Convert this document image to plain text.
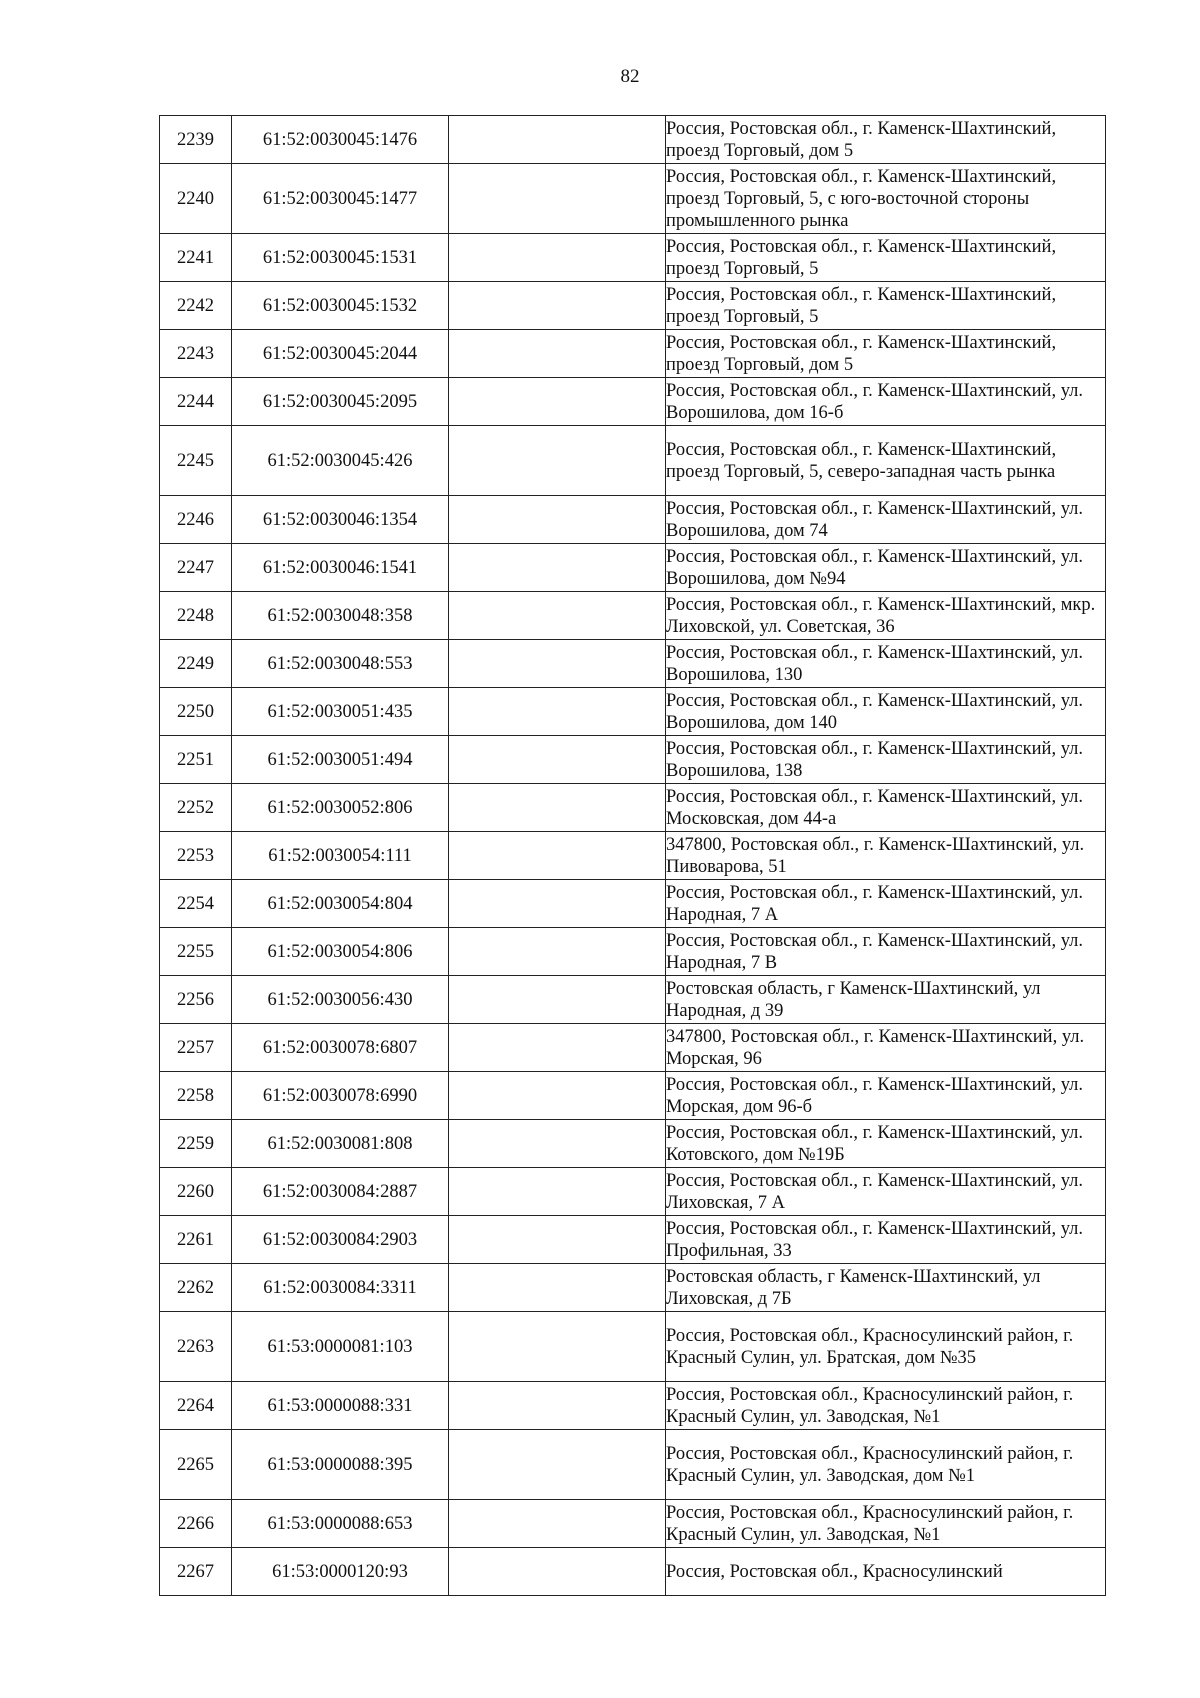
82
2239	61:52:0030045:1476		Россия, Ростовская обл., г. Каменск-Шахтинский, проезд Торговый, дом 5
2240	61:52:0030045:1477		Россия, Ростовская обл., г. Каменск-Шахтинский, проезд Торговый, 5, с юго-восточной стороны промышленного рынка
2241	61:52:0030045:1531		Россия, Ростовская обл., г. Каменск-Шахтинский, проезд Торговый, 5
2242	61:52:0030045:1532		Россия, Ростовская обл., г. Каменск-Шахтинский, проезд Торговый, 5
2243	61:52:0030045:2044		Россия, Ростовская обл., г. Каменск-Шахтинский, проезд Торговый, дом 5
2244	61:52:0030045:2095		Россия, Ростовская обл., г. Каменск-Шахтинский, ул. Ворошилова, дом 16-б
2245	61:52:0030045:426		Россия, Ростовская обл., г. Каменск-Шахтинский, проезд Торговый, 5, северо-западная часть рынка
2246	61:52:0030046:1354		Россия, Ростовская обл., г. Каменск-Шахтинский, ул. Ворошилова, дом 74
2247	61:52:0030046:1541		Россия, Ростовская обл., г. Каменск-Шахтинский, ул. Ворошилова, дом №94
2248	61:52:0030048:358		Россия, Ростовская обл., г. Каменск-Шахтинский, мкр. Лиховской, ул. Советская, 36
2249	61:52:0030048:553		Россия, Ростовская обл., г. Каменск-Шахтинский, ул. Ворошилова, 130
2250	61:52:0030051:435		Россия, Ростовская обл., г. Каменск-Шахтинский, ул. Ворошилова, дом 140
2251	61:52:0030051:494		Россия, Ростовская обл., г. Каменск-Шахтинский, ул. Ворошилова, 138
2252	61:52:0030052:806		Россия, Ростовская обл., г. Каменск-Шахтинский, ул. Московская, дом 44-а
2253	61:52:0030054:111		347800, Ростовская обл., г. Каменск-Шахтинский, ул. Пивоварова, 51
2254	61:52:0030054:804		Россия, Ростовская обл., г. Каменск-Шахтинский, ул. Народная, 7 А
2255	61:52:0030054:806		Россия, Ростовская обл., г. Каменск-Шахтинский, ул. Народная, 7 В
2256	61:52:0030056:430		Ростовская область, г Каменск-Шахтинский, ул Народная, д 39
2257	61:52:0030078:6807		347800, Ростовская обл., г. Каменск-Шахтинский, ул. Морская, 96
2258	61:52:0030078:6990		Россия, Ростовская обл., г. Каменск-Шахтинский, ул. Морская, дом 96-б
2259	61:52:0030081:808		Россия, Ростовская обл., г. Каменск-Шахтинский, ул. Котовского, дом №19Б
2260	61:52:0030084:2887		Россия, Ростовская обл., г. Каменск-Шахтинский, ул. Лиховская, 7 А
2261	61:52:0030084:2903		Россия, Ростовская обл., г. Каменск-Шахтинский, ул. Профильная, 33
2262	61:52:0030084:3311		Ростовская область, г Каменск-Шахтинский, ул Лиховская, д 7Б
2263	61:53:0000081:103		Россия, Ростовская обл., Красносулинский район, г. Красный Сулин, ул. Братская, дом №35
2264	61:53:0000088:331		Россия, Ростовская обл., Красносулинский район, г. Красный Сулин, ул. Заводская, №1
2265	61:53:0000088:395		Россия, Ростовская обл., Красносулинский район, г. Красный Сулин, ул. Заводская, дом №1
2266	61:53:0000088:653		Россия, Ростовская обл., Красносулинский район, г. Красный Сулин, ул. Заводская, №1
2267	61:53:0000120:93		Россия, Ростовская обл., Красносулинский
